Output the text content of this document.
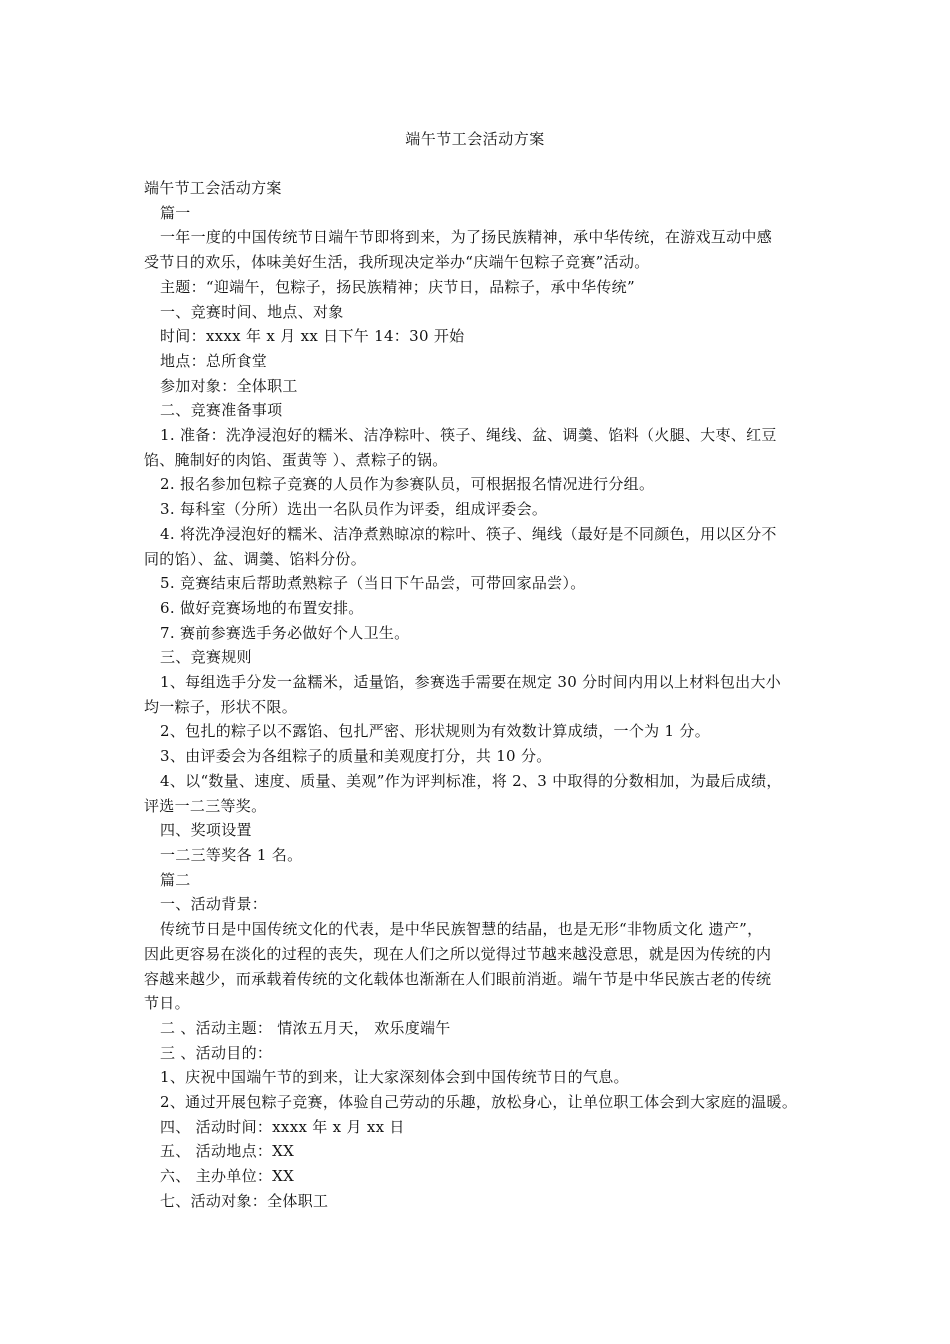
端午节工会活动方案
端午节工会活动方案
篇一
一年一度的中国传统节日端午节即将到来，为了扬民族精神，承中华传统，在游戏互动中感
受节日的欢乐，体味美好生活，我所现决定举办“庆端午包粽子竞赛”活动。
主题：“迎端午，包粽子，扬民族精神；庆节日，品粽子，承中华传统”
一、竞赛时间、地点、对象
时间：xxxx 年 x 月 xx 日下午 14：30 开始
地点：总所食堂
参加对象：全体职工
二、竞赛准备事项
1. 准备：洗净浸泡好的糯米、洁净粽叶、筷子、绳线、盆、调羹、馅料（火腿、大枣、红豆
馅、腌制好的肉馅、蛋黄等 ）、煮粽子的锅。
2. 报名参加包粽子竞赛的人员作为参赛队员，可根据报名情况进行分组。
3. 每科室（分所）选出一名队员作为评委，组成评委会。
4. 将洗净浸泡好的糯米、洁净煮熟晾凉的粽叶、筷子、绳线（最好是不同颜色，用以区分不
同的馅）、盆、调羹、馅料分份。
5. 竞赛结束后帮助煮熟粽子（当日下午品尝，可带回家品尝）。
6. 做好竞赛场地的布置安排。
7. 赛前参赛选手务必做好个人卫生。
三、竞赛规则
1、每组选手分发一盆糯米，适量馅，参赛选手需要在规定 30 分时间内用以上材料包出大小
均一粽子，形状不限。
2、包扎的粽子以不露馅、包扎严密、形状规则为有效数计算成绩，一个为 1 分。
3、由评委会为各组粽子的质量和美观度打分，共 10 分。
4、以“数量、速度、质量、美观”作为评判标准，将 2、3 中取得的分数相加，为最后成绩，
评选一二三等奖。
四、奖项设置
一二三等奖各 1 名。
篇二
一、活动背景：
传统节日是中国传统文化的代表，是中华民族智慧的结晶，也是无形“非物质文化 遗产”，
因此更容易在淡化的过程的丧失，现在人们之所以觉得过节越来越没意思，就是因为传统的内
容越来越少，而承载着传统的文化载体也渐渐在人们眼前消逝。端午节是中华民族古老的传统
节日。
二 、活动主题： 情浓五月天， 欢乐度端午
三 、活动目的：
1、庆祝中国端午节的到来，让大家深刻体会到中国传统节日的气息。
2、通过开展包粽子竞赛，体验自己劳动的乐趣，放松身心，让单位职工体会到大家庭的温暖。
四、 活动时间：xxxx 年 x 月 xx 日
五、 活动地点：XX
六、 主办单位：XX
七、活动对象：全体职工
